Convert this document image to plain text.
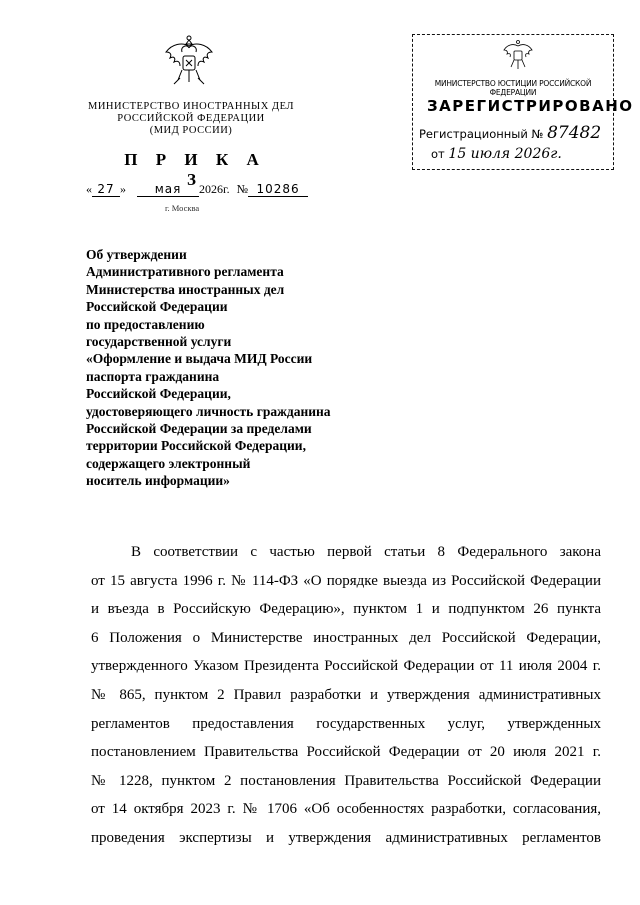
МИНИСТЕРСТВО ИНОСТРАННЫХ ДЕЛ
РОССИЙСКОЙ ФЕДЕРАЦИИ
(МИД РОССИИ)
П Р И К А З
« 27 » мая 2026г. № 10286
г. Москва
МИНИСТЕРСТВО ЮСТИЦИИ РОССИЙСКОЙ ФЕДЕРАЦИИ
ЗАРЕГИСТРИРОВАНО
Регистрационный № 87482
от 15 июля 2026г.
Об утверждении
Административного регламента
Министерства иностранных дел
Российской Федерации
по предоставлению
государственной услуги
«Оформление и выдача МИД России
паспорта гражданина
Российской Федерации,
удостоверяющего личность гражданина
Российской Федерации за пределами
территории Российской Федерации,
содержащего электронный
носитель информации»
В соответствии с частью первой статьи 8 Федерального закона
от 15 августа 1996 г. № 114-ФЗ «О порядке выезда из Российской Федерации
и въезда в Российскую Федерацию», пунктом 1 и подпунктом 26 пункта
6 Положения о Министерстве иностранных дел Российской Федерации,
утвержденного Указом Президента Российской Федерации от 11 июля 2004 г.
№ 865, пунктом 2 Правил разработки и утверждения административных
регламентов предоставления государственных услуг, утвержденных
постановлением Правительства Российской Федерации от 20 июля 2021 г.
№ 1228, пунктом 2 постановления Правительства Российской Федерации
от 14 октября 2023 г. № 1706 «Об особенностях разработки, согласования,
проведения экспертизы и утверждения административных регламентов
